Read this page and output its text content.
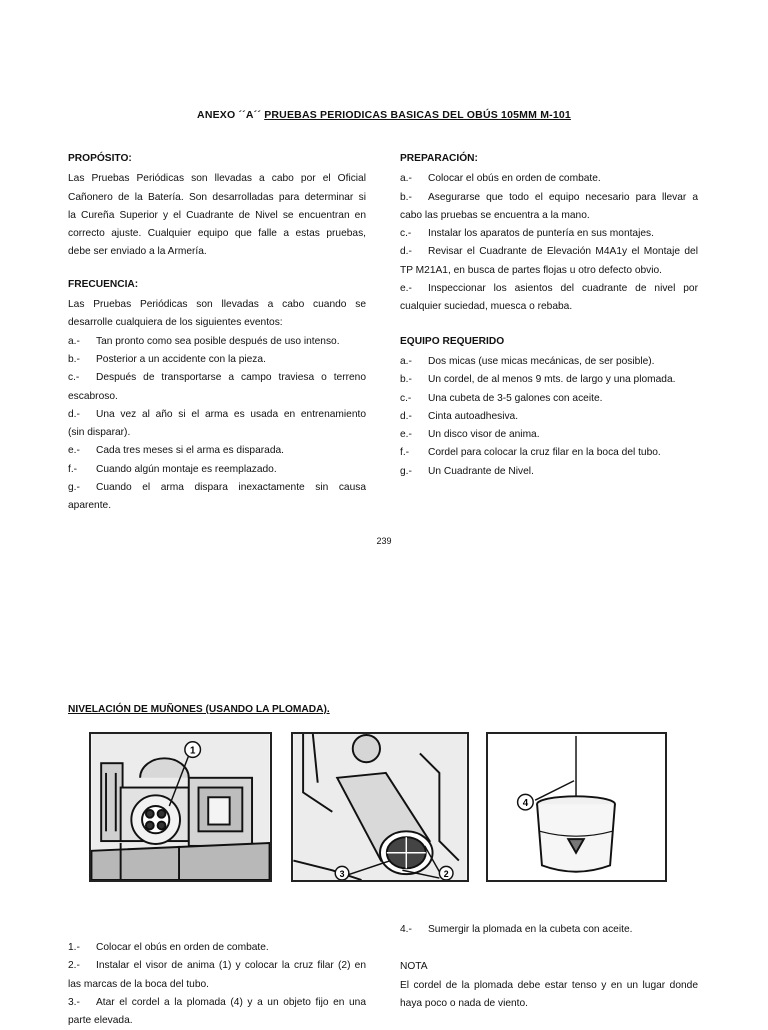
ANEXO ´´A´´ PRUEBAS PERIODICAS BASICAS DEL OBÚS 105MM M-101

PROPÓSITO:

Las Pruebas Periódicas son llevadas a cabo por el Oficial

Cañonero de la Batería. Son desarrolladas para determinar si

la Cureña Superior y el Cuadrante de Nivel se encuentran en

correcto ajuste. Cualquier equipo que falle a estas pruebas,

debe ser enviado a la Armería.

FRECUENCIA:

Las Pruebas Periódicas son llevadas a cabo cuando se

desarrolle cualquiera de los siguientes eventos:

a.-	Tan pronto como sea posible después de uso intenso.
b.-	Posterior a un accidente con la pieza.
c.-	Después de transportarse a campo traviesa o terreno

escabroso.

d.-	Una vez al año si el arma es usada en entrenamiento

(sin disparar).

e.-	Cada tres meses si el arma es disparada.
f.-	Cuando algún montaje es reemplazado.
g.-	Cuando el arma dispara inexactamente sin causa

aparente.

PREPARACIÓN:

a.-	Colocar el obús en orden de combate.
b.-	Asegurarse que todo el equipo necesario para llevar a

cabo las pruebas se encuentra a la mano.

c.-	Instalar los aparatos de puntería en sus montajes.
d.-	Revisar el Cuadrante de Elevación M4A1y el Montaje del

TP M21A1, en busca de partes flojas u otro defecto obvio.

e.-	Inspeccionar los asientos del cuadrante de nivel por

cualquier suciedad, muesca o rebaba.

EQUIPO REQUERIDO

a.-	Dos micas (use micas mecánicas, de ser posible).
b.-	Un cordel, de al menos 9 mts. de largo y una plomada.
c.-	Una cubeta de 3-5 galones con aceite.
d.-	Cinta autoadhesiva.
e.-	Un disco visor de anima.
f.-	Cordel para colocar la cruz filar en la boca del tubo.
g.-	Un Cuadrante de Nivel.
239
NIVELACIÓN DE MUÑONES (USANDO LA PLOMADA).
1
3	2
4
1.-	Colocar el obús en orden de combate.
2.-	Instalar el visor de anima (1) y colocar la cruz filar (2) en

las marcas de la boca del tubo.

3.-	Atar el cordel a la plomada (4) y a un objeto fijo en una

parte elevada.

4.-	Sumergir la plomada en la cubeta con aceite.

NOTA

El cordel de la plomada debe estar tenso y en un lugar donde

haya poco o nada de viento.
